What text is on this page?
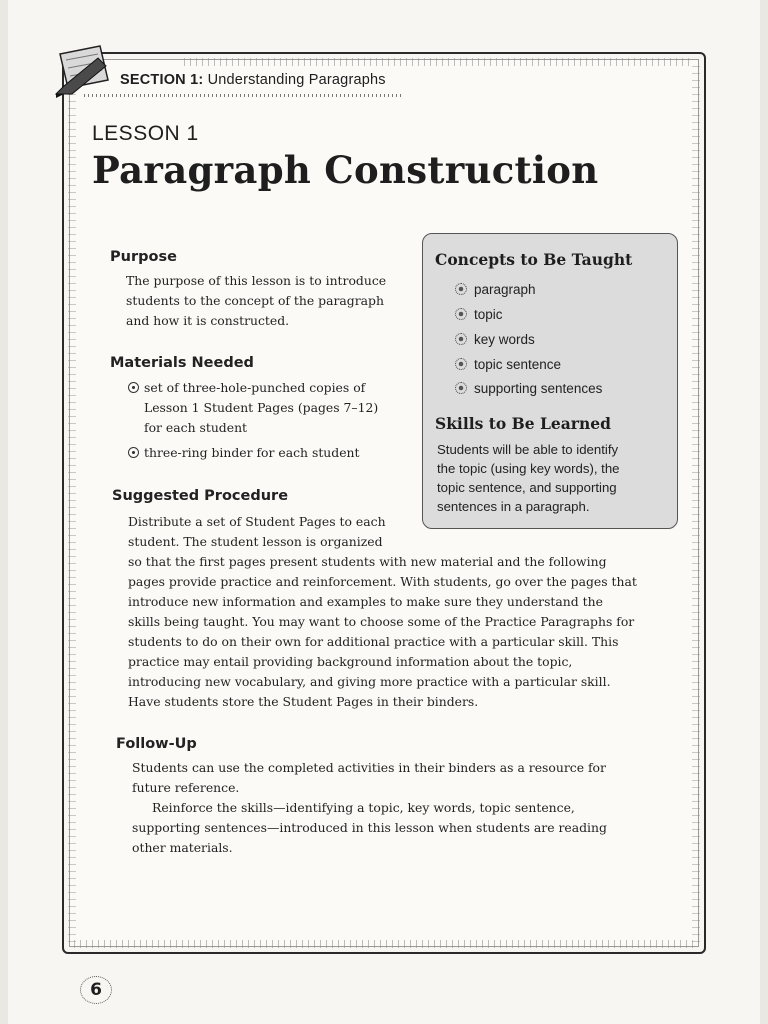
SECTION 1: Understanding Paragraphs
LESSON 1
Paragraph Construction
Purpose
The purpose of this lesson is to introduce
students to the concept of the paragraph
and how it is constructed.
Materials Needed
set of three-hole-punched copies of
Lesson 1 Student Pages (pages 7–12)
for each student
three-ring binder for each student
Suggested Procedure
Distribute a set of Student Pages to each
student. The student lesson is organized
so that the first pages present students with new material and the following
pages provide practice and reinforcement. With students, go over the pages that
introduce new information and examples to make sure they understand the
skills being taught. You may want to choose some of the Practice Paragraphs for
students to do on their own for additional practice with a particular skill. This
practice may entail providing background information about the topic,
introducing new vocabulary, and giving more practice with a particular skill.
Have students store the Student Pages in their binders.
Follow-Up
Students can use the completed activities in their binders as a resource for
future reference.
Reinforce the skills—identifying a topic, key words, topic sentence,
supporting sentences—introduced in this lesson when students are reading
other materials.
Concepts to Be Taught
paragraph
topic
key words
topic sentence
supporting sentences
Skills to Be Learned
Students will be able to identify
the topic (using key words), the
topic sentence, and supporting
sentences in a paragraph.
6
